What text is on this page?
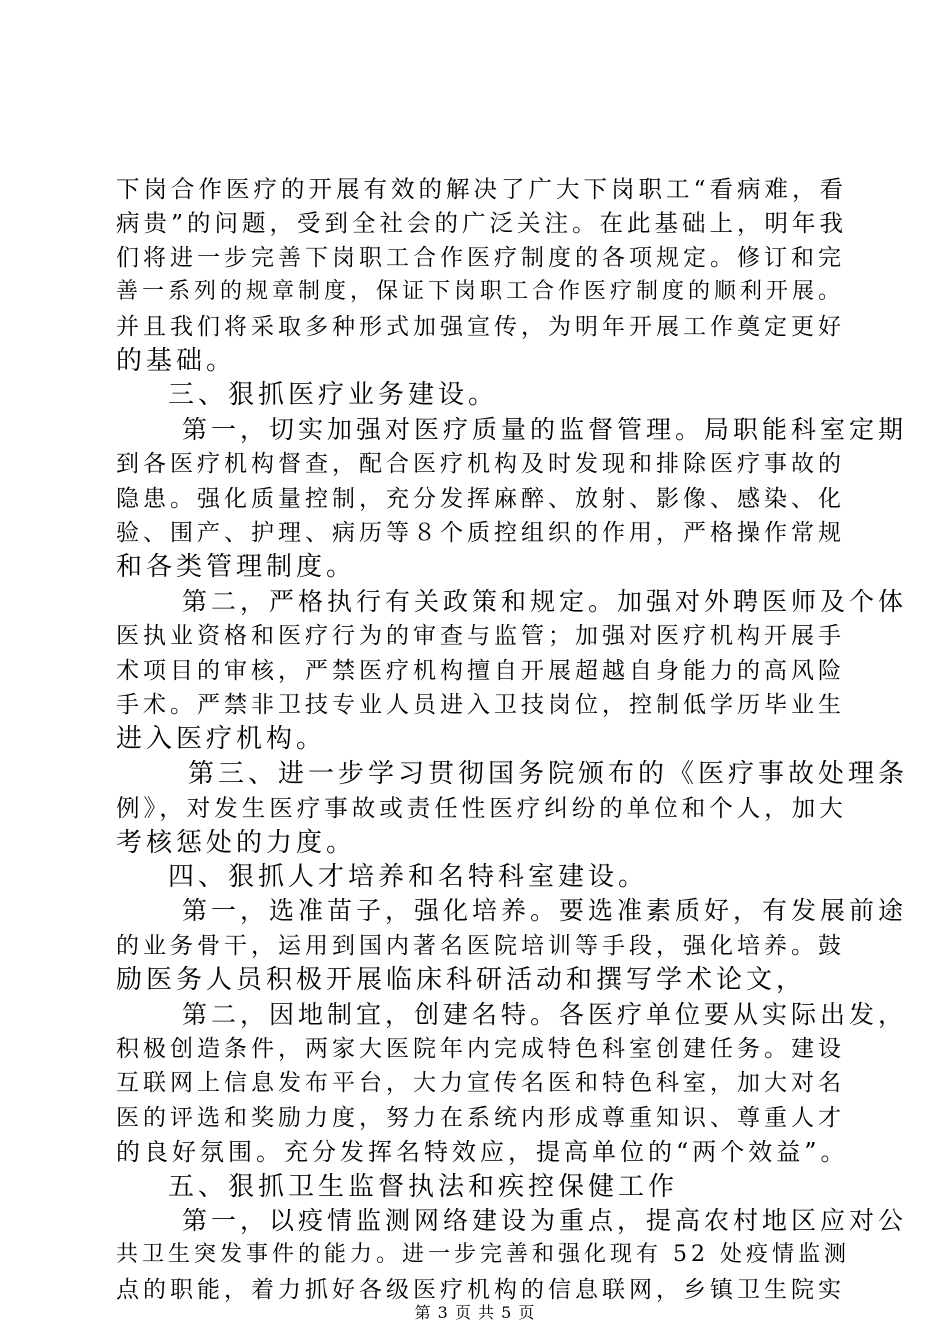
下岗合作医疗的开展有效的解决了广大下岗职工“看病难，看
病贵”的问题，受到全社会的广泛关注。在此基础上，明年我
们将进一步完善下岗职工合作医疗制度的各项规定。修订和完
善一系列的规章制度，保证下岗职工合作医疗制度的顺利开展。
并且我们将采取多种形式加强宣传，为明年开展工作奠定更好
的基础。
三、狠抓医疗业务建设。
第一，切实加强对医疗质量的监督管理。局职能科室定期
到各医疗机构督查，配合医疗机构及时发现和排除医疗事故的
隐患。强化质量控制，充分发挥麻醉、放射、影像、感染、化
验、围产、护理、病历等８个质控组织的作用，严格操作常规
和各类管理制度。
第二，严格执行有关政策和规定。加强对外聘医师及个体
医执业资格和医疗行为的审查与监管；加强对医疗机构开展手
术项目的审核，严禁医疗机构擅自开展超越自身能力的高风险
手术。严禁非卫技专业人员进入卫技岗位，控制低学历毕业生
进入医疗机构。
第三、进一步学习贯彻国务院颁布的《医疗事故处理条
例》，对发生医疗事故或责任性医疗纠纷的单位和个人，加大
考核惩处的力度。
四、狠抓人才培养和名特科室建设。
第一，选准苗子，强化培养。要选准素质好，有发展前途
的业务骨干，运用到国内著名医院培训等手段，强化培养。鼓
励医务人员积极开展临床科研活动和撰写学术论文，
第二，因地制宜，创建名特。各医疗单位要从实际出发，
积极创造条件，两家大医院年内完成特色科室创建任务。建设
互联网上信息发布平台，大力宣传名医和特色科室，加大对名
医的评选和奖励力度，努力在系统内形成尊重知识、尊重人才
的良好氛围。充分发挥名特效应，提高单位的“两个效益”。
五、狠抓卫生监督执法和疾控保健工作
第一，以疫情监测网络建设为重点，提高农村地区应对公
共卫生突发事件的能力。进一步完善和强化现有 52 处疫情监测
点的职能，着力抓好各级医疗机构的信息联网，乡镇卫生院实
第 3 页 共 5 页
